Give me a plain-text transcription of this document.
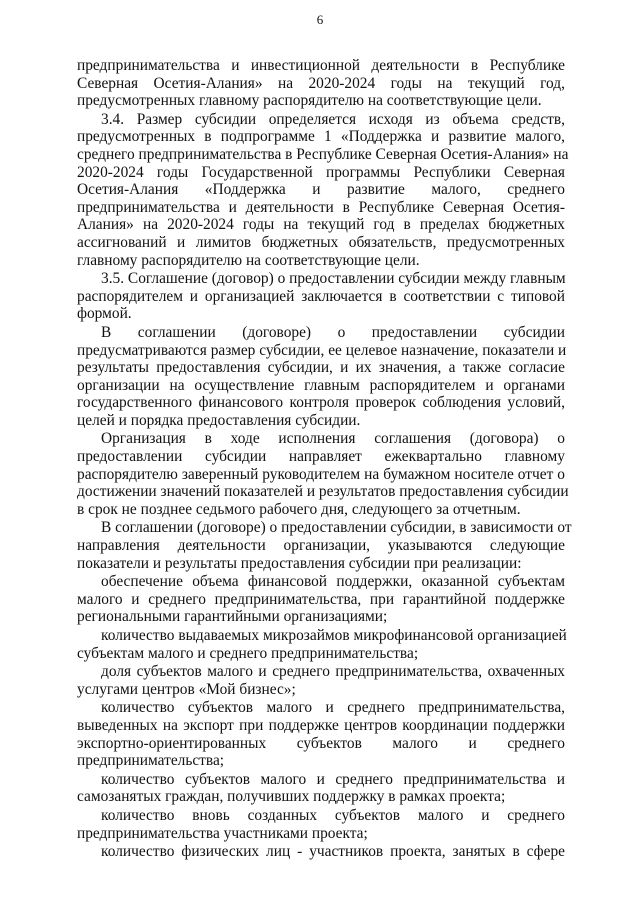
6
предпринимательства и инвестиционной деятельности в Республике
Северная Осетия-Алания» на 2020-2024 годы на текущий год,
предусмотренных главному распорядителю на соответствующие цели.
3.4. Размер субсидии определяется исходя из объема средств,
предусмотренных в подпрограмме 1 «Поддержка и развитие малого,
среднего предпринимательства в Республике Северная Осетия-Алания» на
2020-2024 годы Государственной программы Республики Северная
Осетия-Алания «Поддержка и развитие малого, среднего
предпринимательства и деятельности в Республике Северная Осетия-
Алания» на 2020-2024 годы на текущий год в пределах бюджетных
ассигнований и лимитов бюджетных обязательств, предусмотренных
главному распорядителю на соответствующие цели.
3.5. Соглашение (договор) о предоставлении субсидии между главным
распорядителем и организацией заключается в соответствии с типовой
формой.
В соглашении (договоре) о предоставлении субсидии
предусматриваются размер субсидии, ее целевое назначение, показатели и
результаты предоставления субсидии, и их значения, а также согласие
организации на осуществление главным распорядителем и органами
государственного финансового контроля проверок соблюдения условий,
целей и порядка предоставления субсидии.
Организация в ходе исполнения соглашения (договора) о
предоставлении субсидии направляет ежеквартально главному
распорядителю заверенный руководителем на бумажном носителе отчет о
достижении значений показателей и результатов предоставления субсидии
в срок не позднее седьмого рабочего дня, следующего за отчетным.
В соглашении (договоре) о предоставлении субсидии, в зависимости от
направления деятельности организации, указываются следующие
показатели и результаты предоставления субсидии при реализации:
обеспечение объема финансовой поддержки, оказанной субъектам
малого и среднего предпринимательства, при гарантийной поддержке
региональными гарантийными организациями;
количество выдаваемых микрозаймов микрофинансовой организацией
субъектам малого и среднего предпринимательства;
доля субъектов малого и среднего предпринимательства, охваченных
услугами центров «Мой бизнес»;
количество субъектов малого и среднего предпринимательства,
выведенных на экспорт при поддержке центров координации поддержки
экспортно-ориентированных субъектов малого и среднего
предпринимательства;
количество субъектов малого и среднего предпринимательства и
самозанятых граждан, получивших поддержку в рамках проекта;
количество вновь созданных субъектов малого и среднего
предпринимательства участниками проекта;
количество физических лиц - участников проекта, занятых в сфере
